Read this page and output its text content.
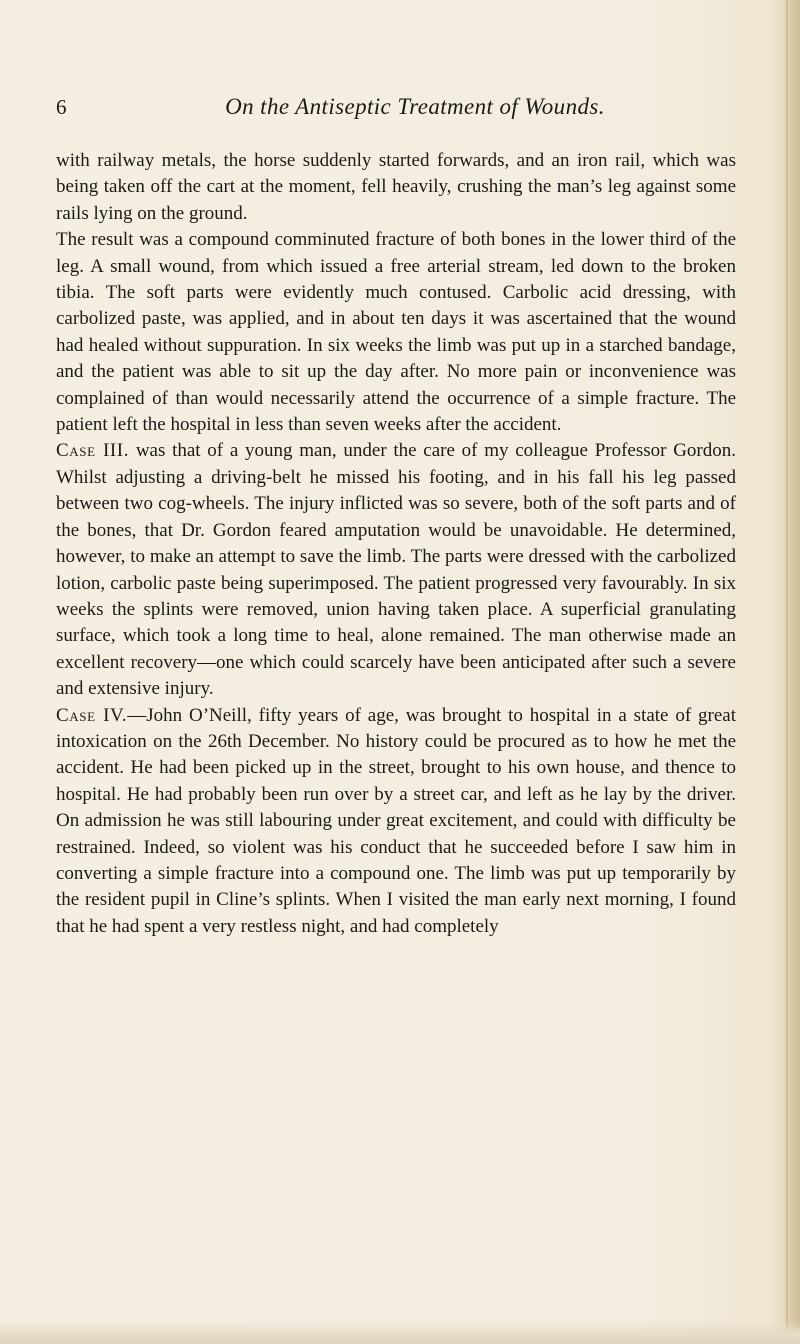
6	On the Antiseptic Treatment of Wounds.

with railway metals, the horse suddenly started forwards, and an iron rail, which was being taken off the cart at the moment, fell heavily, crushing the man’s leg against some rails lying on the ground.

The result was a compound comminuted fracture of both bones in the lower third of the leg. A small wound, from which issued a free arterial stream, led down to the broken tibia. The soft parts were evidently much contused. Carbolic acid dressing, with carbolized paste, was applied, and in about ten days it was ascertained that the wound had healed without suppuration. In six weeks the limb was put up in a starched bandage, and the patient was able to sit up the day after. No more pain or inconvenience was complained of than would necessarily attend the occurrence of a simple fracture. The patient left the hospital in less than seven weeks after the accident.

Case III. was that of a young man, under the care of my colleague Professor Gordon. Whilst adjusting a driving-belt he missed his footing, and in his fall his leg passed between two cog-wheels. The injury inflicted was so severe, both of the soft parts and of the bones, that Dr. Gordon feared amputation would be unavoidable. He determined, however, to make an attempt to save the limb. The parts were dressed with the carbolized lotion, carbolic paste being superimposed. The patient progressed very favourably. In six weeks the splints were removed, union having taken place. A superficial granulating surface, which took a long time to heal, alone remained. The man otherwise made an excellent recovery—one which could scarcely have been anticipated after such a severe and extensive injury.

Case IV.—John O’Neill, fifty years of age, was brought to hospital in a state of great intoxication on the 26th December. No history could be procured as to how he met the accident. He had been picked up in the street, brought to his own house, and thence to hospital. He had probably been run over by a street car, and left as he lay by the driver. On admission he was still labouring under great excitement, and could with difficulty be restrained. Indeed, so violent was his conduct that he succeeded before I saw him in converting a simple fracture into a compound one. The limb was put up temporarily by the resident pupil in Cline’s splints. When I visited the man early next morning, I found that he had spent a very restless night, and had completely
